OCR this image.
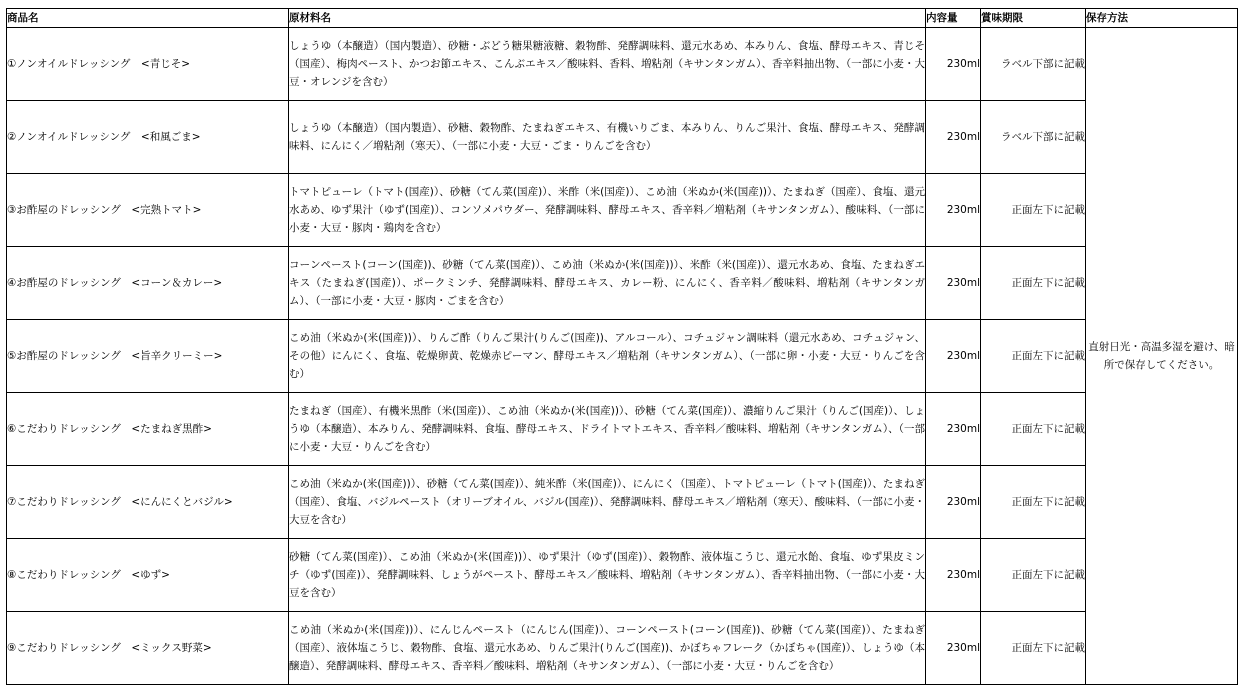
商品名	原材料名	内容量	賞味期限	保存方法
①ノンオイルドレッシング　<青じそ>	しょうゆ（本醸造）（国内製造）、砂糖・ぶどう糖果糖液糖、穀物酢、発酵調味料、還元水あめ、本みりん、食塩、酵母エキス、青じそ（国産）、梅肉ペースト、かつお節エキス、こんぶエキス／酸味料、香料、増粘剤（キサンタンガム）、香辛料抽出物、（一部に小麦・大豆・オレンジを含む）	230ml	ラベル下部に記載	直射日光・高温多湿を避け、暗所で保存してください。
②ノンオイルドレッシング　<和風ごま>	しょうゆ（本醸造）（国内製造）、砂糖、穀物酢、たまねぎエキス、有機いりごま、本みりん、りんご果汁、食塩、酵母エキス、発酵調味料、にんにく／増粘剤（寒天）、（一部に小麦・大豆・ごま・りんごを含む）	230ml	ラベル下部に記載	
③お酢屋のドレッシング　<完熟トマト>	トマトピューレ（トマト(国産)）、砂糖（てん菜(国産)）、米酢（米(国産)）、こめ油（米ぬか(米(国産))）、たまねぎ（国産）、食塩、還元水あめ、ゆず果汁（ゆず(国産)）、コンソメパウダー、発酵調味料、酵母エキス、香辛料／増粘剤（キサンタンガム）、酸味料、（一部に小麦・大豆・豚肉・鶏肉を含む）	230ml	正面左下に記載	
④お酢屋のドレッシング　<コーン＆カレー>	コーンペースト(コーン(国産))、砂糖（てん菜(国産)）、こめ油（米ぬか(米(国産))）、米酢（米(国産)）、還元水あめ、食塩、たまねぎエキス（たまねぎ(国産)）、ポークミンチ、発酵調味料、酵母エキス、カレー粉、にんにく、香辛料／酸味料、増粘剤（キサンタンガム）、（一部に小麦・大豆・豚肉・ごまを含む）	230ml	正面左下に記載	
⑤お酢屋のドレッシング　<旨辛クリーミー>	こめ油（米ぬか(米(国産))）、りんご酢（りんご果汁(りんご(国産))、アルコール）、コチュジャン調味料（還元水あめ、コチュジャン、その他）にんにく、食塩、乾燥卵黄、乾燥赤ピーマン、酵母エキス／増粘剤（キサンタンガム）、（一部に卵・小麦・大豆・りんごを含む）	230ml	正面左下に記載	
⑥こだわりドレッシング　<たまねぎ黒酢>	たまねぎ（国産）、有機米黒酢（米(国産)）、こめ油（米ぬか(米(国産))）、砂糖（てん菜(国産)）、濃縮りんご果汁（りんご(国産)）、しょうゆ（本醸造）、本みりん、発酵調味料、食塩、酵母エキス、ドライトマトエキス、香辛料／酸味料、増粘剤（キサンタンガム）、（一部に小麦・大豆・りんごを含む）	230ml	正面左下に記載	
⑦こだわりドレッシング　<にんにくとバジル>	こめ油（米ぬか(米(国産))）、砂糖（てん菜(国産)）、純米酢（米(国産)）、にんにく（国産）、トマトピューレ（トマト(国産)）、たまねぎ（国産）、食塩、バジルペースト（オリーブオイル、バジル(国産)）、発酵調味料、酵母エキス／増粘剤（寒天）、酸味料、（一部に小麦・大豆を含む）	230ml	正面左下に記載	
⑧こだわりドレッシング　<ゆず>	砂糖（てん菜(国産)）、こめ油（米ぬか(米(国産))）、ゆず果汁（ゆず(国産)）、穀物酢、液体塩こうじ、還元水飴、食塩、ゆず果皮ミンチ（ゆず(国産)）、発酵調味料、しょうがペースト、酵母エキス／酸味料、増粘剤（キサンタンガム）、香辛料抽出物、（一部に小麦・大豆を含む）	230ml	正面左下に記載	
⑨こだわりドレッシング　<ミックス野菜>	こめ油（米ぬか(米(国産))）、にんじんペースト（にんじん(国産)）、コーンペースト(コーン(国産))、砂糖（てん菜(国産)）、たまねぎ（国産）、液体塩こうじ、穀物酢、食塩、還元水あめ、りんご果汁(りんご(国産))、かぼちゃフレーク（かぼちゃ(国産)）、しょうゆ（本醸造）、発酵調味料、酵母エキス、香辛料／酸味料、増粘剤（キサンタンガム）、（一部に小麦・大豆・りんごを含む）	230ml	正面左下に記載	
